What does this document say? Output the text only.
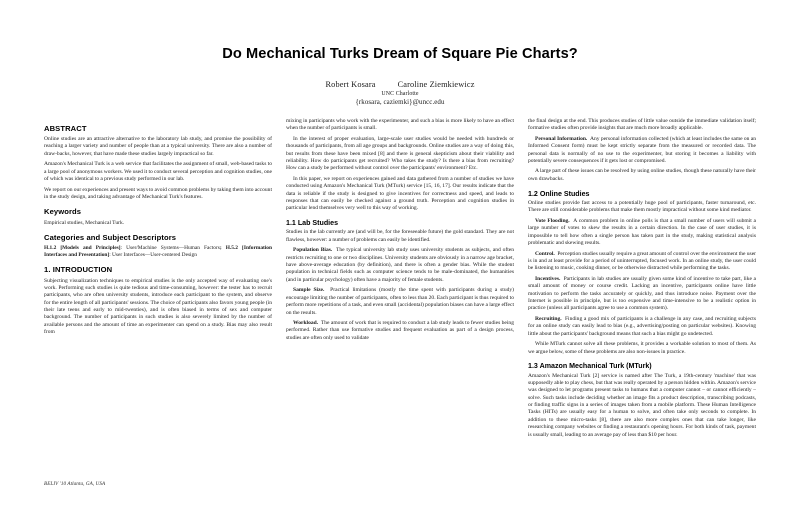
Do Mechanical Turks Dream of Square Pie Charts?
Robert Kosara	Caroline Ziemkiewicz
UNC Charlotte
{rkosara, caziemki}@uncc.edu
ABSTRACT

Online studies are an attractive alternative to the laboratory lab study, and promise the possibility of reaching a larger variety and number of people than at a typical university. There are also a number of draw-backs, however, that have made these studies largely impractical so far.

Amazon's Mechanical Turk is a web service that facilitates the assignment of small, web-based tasks to a large pool of anonymous workers. We used it to conduct several perception and cognition studies, one of which was identical to a previous study performed in our lab.

We report on our experiences and present ways to avoid common problems by taking them into account in the study design, and taking advantage of Mechanical Turk's features.

Keywords

Empirical studies, Mechanical Turk.

Categories and Subject Descriptors

H.1.2 [Models and Principles]: User/Machine Systems—Human Factors; H.5.2 [Information Interfaces and Presentation]: User Interfaces—User-centered Design

1. INTRODUCTION

Subjecting visualization techniques to empirical studies is the only accepted way of evaluating one's work. Performing such studies is quite tedious and time-consuming, however: the tester has to recruit participants, who are often university students, introduce each participant to the system, and observe for the entire length of all participants' sessions. The choice of participants also favors young people (in their late teens and early to mid-twenties), and is often biased in terms of sex and computer background. The number of participants in such studies is also severely limited by the number of available persons and the amount of time an experimenter can spend on a study. Bias may also result from

mixing in participants who work with the experimenter, and such a bias is more likely to have an effect when the number of participants is small.

In the interest of proper evaluation, large-scale user studies would be needed with hundreds or thousands of participants, from all age groups and backgrounds. Online studies are a way of doing this, but results from these have been mixed [8] and there is general skepticism about their viability and reliability. How do participants get recruited? Who takes the study? Is there a bias from recruiting? How can a study be performed without control over the participants' environment? Etc.

In this paper, we report on experiences gained and data gathered from a number of studies we have conducted using Amazon's Mechanical Turk (MTurk) service [15, 16, 17]. Our results indicate that the data is reliable if the study is designed to give incentives for correctness and speed, and leads to responses that can easily be checked against a ground truth. Perception and cognition studies in particular lend themselves very well to this way of working.

1.1 Lab Studies

Studies in the lab currently are (and will be, for the foreseeable future) the gold standard. They are not flawless, however: a number of problems can easily be identified.

Population Bias. The typical university lab study uses university students as subjects, and often restricts recruiting to one or two disciplines. University students are obviously in a narrow age bracket, have above-average education (by definition), and there is often a gender bias. While the student population in technical fields such as computer science tends to be male-dominated, the humanities (and in particular psychology) often have a majority of female students.

Sample Size. Practical limitations (mostly the time spent with participants during a study) encourage limiting the number of participants, often to less than 20. Each participant is thus required to perform more repetitions of a task, and even small (accidental) population biases can have a large effect on the results.

Workload. The amount of work that is required to conduct a lab study leads to fewer studies being performed. Rather than use formative studies and frequent evaluation as part of a design process, studies are often only used to validate

the final design at the end. This produces studies of little value outside the immediate validation itself; formative studies often provide insights that are much more broadly applicable.

Personal Information. Any personal information collected (which at least includes the same on an Informed Consent form) must be kept strictly separate from the measured or recorded data. The personal data is normally of no use to the experimenter, but storing it becomes a liability with potentially severe consequences if it gets lost or compromised.

A large part of these issues can be resolved by using online studies, though these naturally have their own drawbacks.

1.2 Online Studies

Online studies provide fast access to a potentially huge pool of participants, faster turnaround, etc. There are still considerable problems that make them mostly impractical without some kind mediator.

Vote Flooding. A common problem in online polls is that a small number of users will submit a large number of votes to skew the results in a certain direction. In the case of user studies, it is impossible to tell how often a single person has taken part in the study, making statistical analysis problematic and skewing results.

Control. Perception studies usually require a great amount of control over the environment the user is in and at least provide for a period of uninterrupted, focused work. In an online study, the user could be listening to music, cooking dinner, or be otherwise distracted while performing the tasks.

Incentives. Participants in lab studies are usually given some kind of incentive to take part, like a small amount of money or course credit. Lacking an incentive, participants online have little motivation to perform the tasks accurately or quickly, and thus introduce noise. Payment over the Internet is possible in principle, but is too expensive and time-intensive to be a realistic option in practice (unless all participants agree to use a common system).

Recruiting. Finding a good mix of participants is a challenge in any case, and recruiting subjects for an online study can easily lead to bias (e.g., advertising/posting on particular websites). Knowing little about the participants' background means that such a bias might go undetected.

While MTurk cannot solve all these problems, it provides a workable solution to most of them. As we argue below, some of these problems are also non-issues in practice.

1.3 Amazon Mechanical Turk (MTurk)

Amazon's Mechanical Turk [2] service is named after The Turk, a 19th-century 'machine' that was supposedly able to play chess, but that was really operated by a person hidden within. Amazon's service was designed to let programs present tasks to humans that a computer cannot – or cannot efficiently – solve. Such tasks include deciding whether an image fits a product description, transcribing podcasts, or finding traffic signs in a series of images taken from a mobile platform. These Human Intelligence Tasks (HITs) are usually easy for a human to solve, and often take only seconds to complete. In addition to these micro-tasks [8], there are also more complex ones that can take longer, like researching company websites or finding a restaurant's opening hours. For both kinds of task, payment is usually small, leading to an average pay of less than $10 per hour.

BELIV '10 Atlanta, GA, USA
